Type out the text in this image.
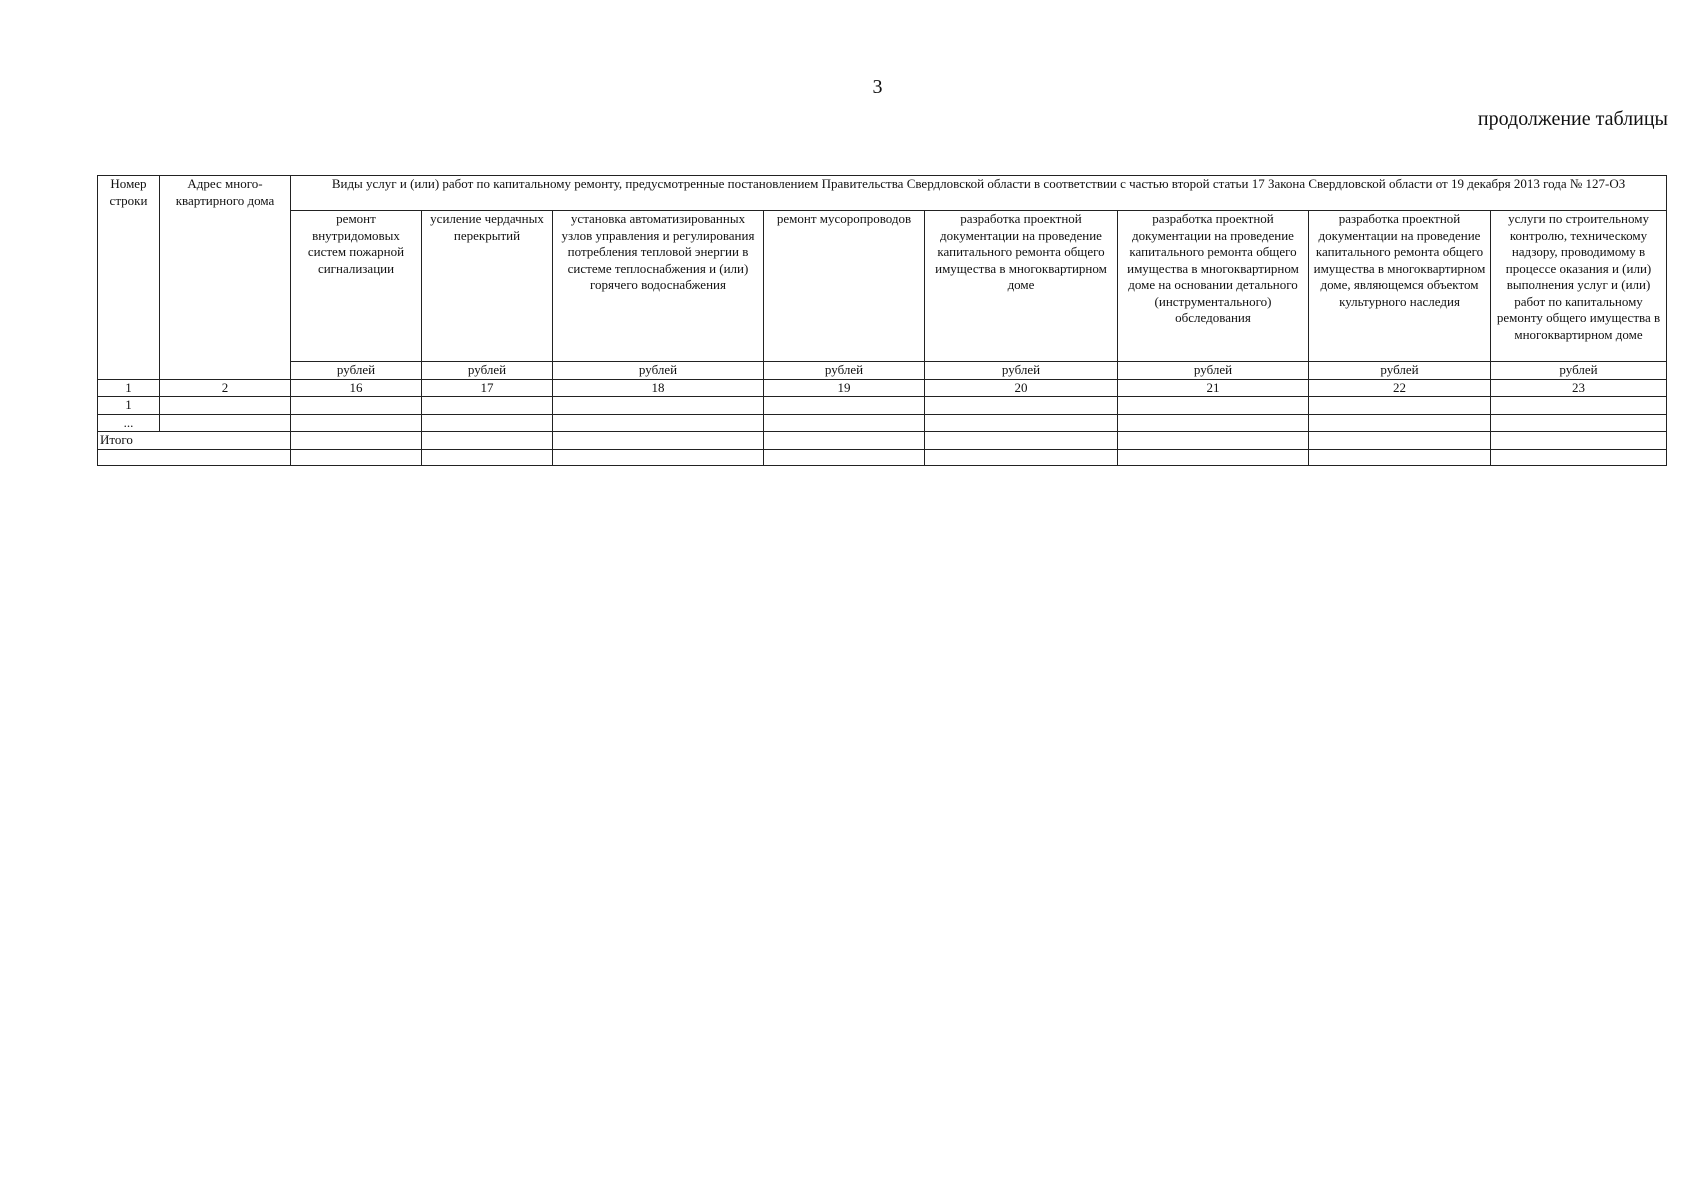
3
продолжение таблицы
Номер строки	Адрес много-квартирного дома	Виды услуг и (или) работ по капитальному ремонту, предусмотренные постановлением Правительства Свердловской области в соответствии с частью второй статьи 17 Закона Свердловской области от 19 декабря 2013 года № 127-ОЗ							
		ремонт внутридомовых систем пожарной сигнализации	усиление чердачных перекрытий	установка автоматизированных узлов управления и регулирования потребления тепловой энергии в системе теплоснабжения и (или) горячего водоснабжения	ремонт мусоропроводов	разработка проектной документации на проведение капитального ремонта общего имущества в многоквартирном доме	разработка проектной документации на проведение капитального ремонта общего имущества в многоквартирном доме на основании детального (инструментального) обследования	разработка проектной документации на проведение капитального ремонта общего имущества в многоквартирном доме, являющемся объектом культурного наследия	услуги по строительному контролю, техническому надзору, проводимому в процессе оказания и (или) выполнения услуг и (или) работ по капитальному ремонту общего имущества в многоквартирном доме
		рублей	рублей	рублей	рублей	рублей	рублей	рублей	рублей
1	2	16	17	18	19	20	21	22	23
1									
...									
Итого									
